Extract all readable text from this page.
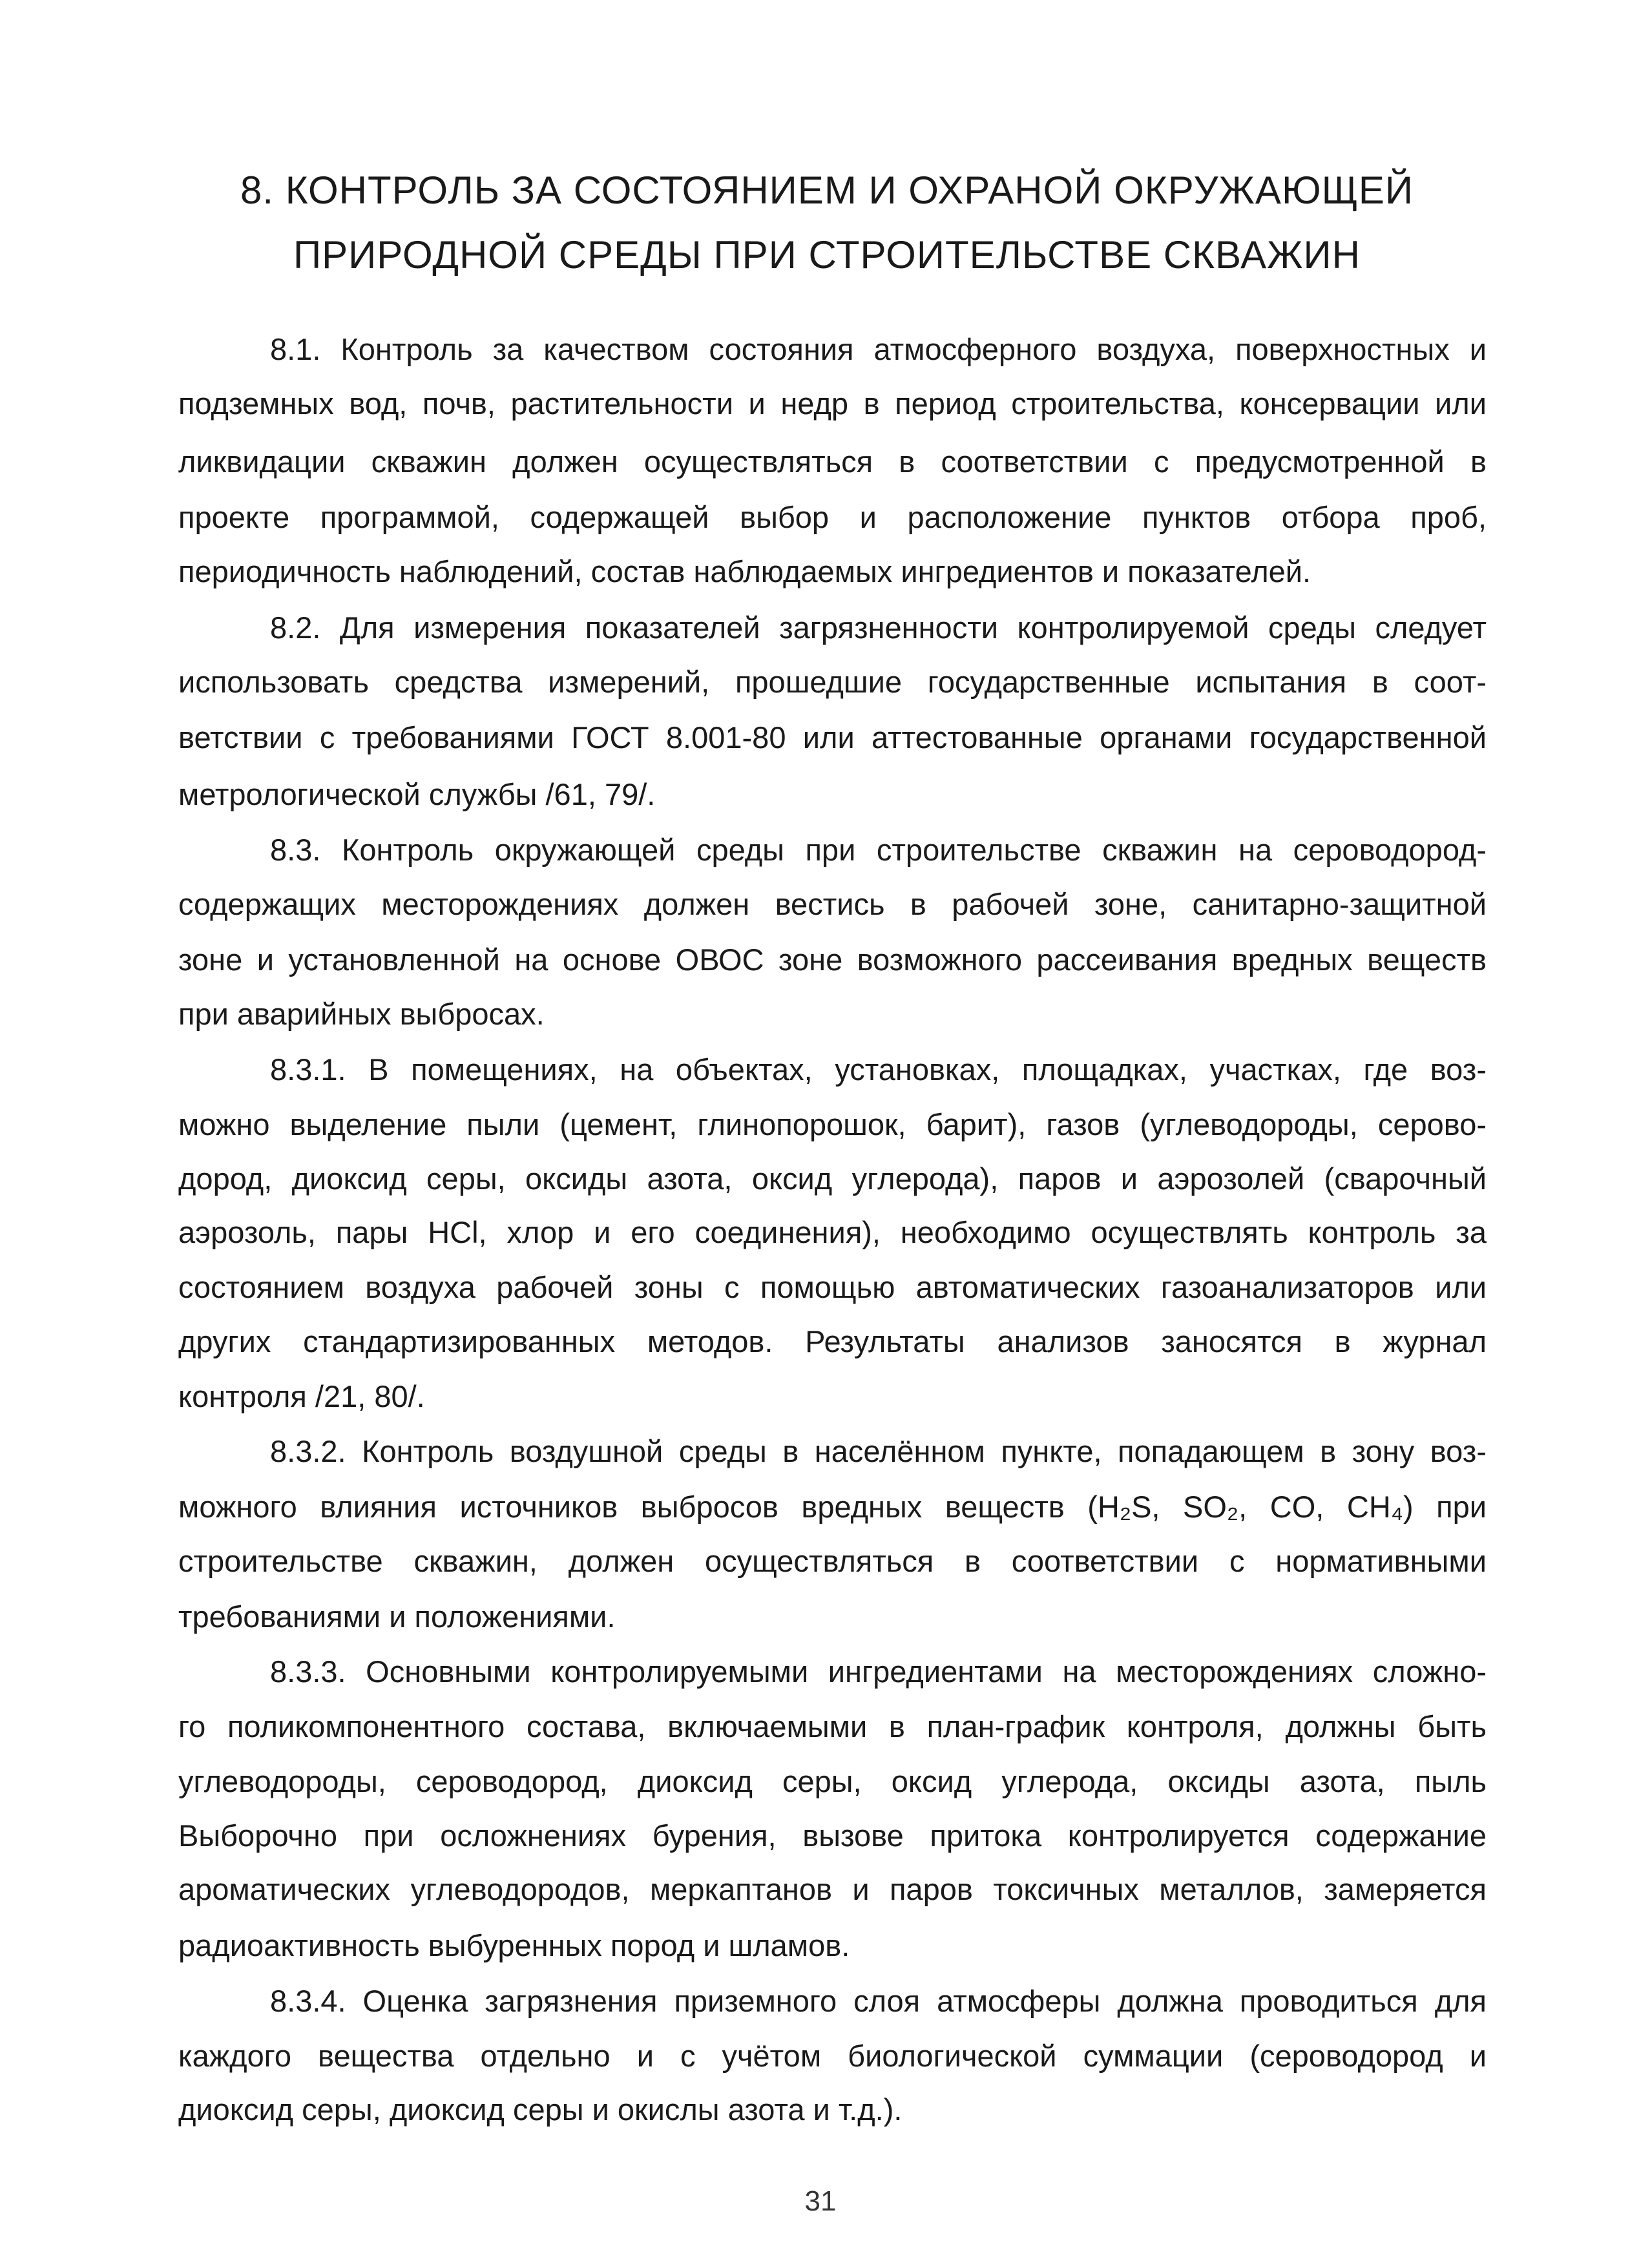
8. КОНТРОЛЬ ЗА СОСТОЯНИЕМ И ОХРАНОЙ ОКРУЖАЮЩЕЙ
ПРИРОДНОЙ СРЕДЫ ПРИ СТРОИТЕЛЬСТВЕ СКВАЖИН
8.1. Контроль за качеством состояния атмосферного воздуха, поверхностных и
подземных вод, почв, растительности и недр в период строительства, консервации или
ликвидации скважин должен осуществляться в соответствии с предусмотренной в
проекте программой, содержащей выбор и расположение пунктов отбора проб,
периодичность наблюдений, состав наблюдаемых ингредиентов и показателей.
8.2. Для измерения показателей загрязненности контролируемой среды следует
использовать средства измерений, прошедшие государственные испытания в соот-
ветствии с требованиями ГОСТ 8.001-80 или аттестованные органами государственной
метрологической службы /61, 79/.
8.3. Контроль окружающей среды при строительстве скважин на сероводород-
содержащих месторождениях должен вестись в рабочей зоне, санитарно-защитной
зоне и установленной на основе ОВОС зоне возможного рассеивания вредных веществ
при аварийных выбросах.
8.3.1. В помещениях, на объектах, установках, площадках, участках, где воз-
можно выделение пыли (цемент, глинопорошок, барит), газов (углеводороды, серово-
дород, диоксид серы, оксиды азота, оксид углерода), паров и аэрозолей (сварочный
аэрозоль, пары HCl, хлор и его соединения), необходимо осуществлять контроль за
состоянием воздуха рабочей зоны с помощью автоматических газоанализаторов или
других стандартизированных методов. Результаты анализов заносятся в журнал
контроля /21, 80/.
8.3.2. Контроль воздушной среды в населённом пункте, попадающем в зону воз-
можного влияния источников выбросов вредных веществ (H₂S, SO₂, CO, CH₄) при
строительстве скважин, должен осуществляться в соответствии с нормативными
требованиями и положениями.
8.3.3. Основными контролируемыми ингредиентами на месторождениях сложно-
го поликомпонентного состава, включаемыми в план-график контроля, должны быть
углеводороды, сероводород, диоксид серы, оксид углерода, оксиды азота, пыль
Выборочно при осложнениях бурения, вызове притока контролируется содержание
ароматических углеводородов, меркаптанов и паров токсичных металлов, замеряется
радиоактивность выбуренных пород и шламов.
8.3.4. Оценка загрязнения приземного слоя атмосферы должна проводиться для
каждого вещества отдельно и с учётом биологической суммации (сероводород и
диоксид серы, диоксид серы и окислы азота и т.д.).
31
